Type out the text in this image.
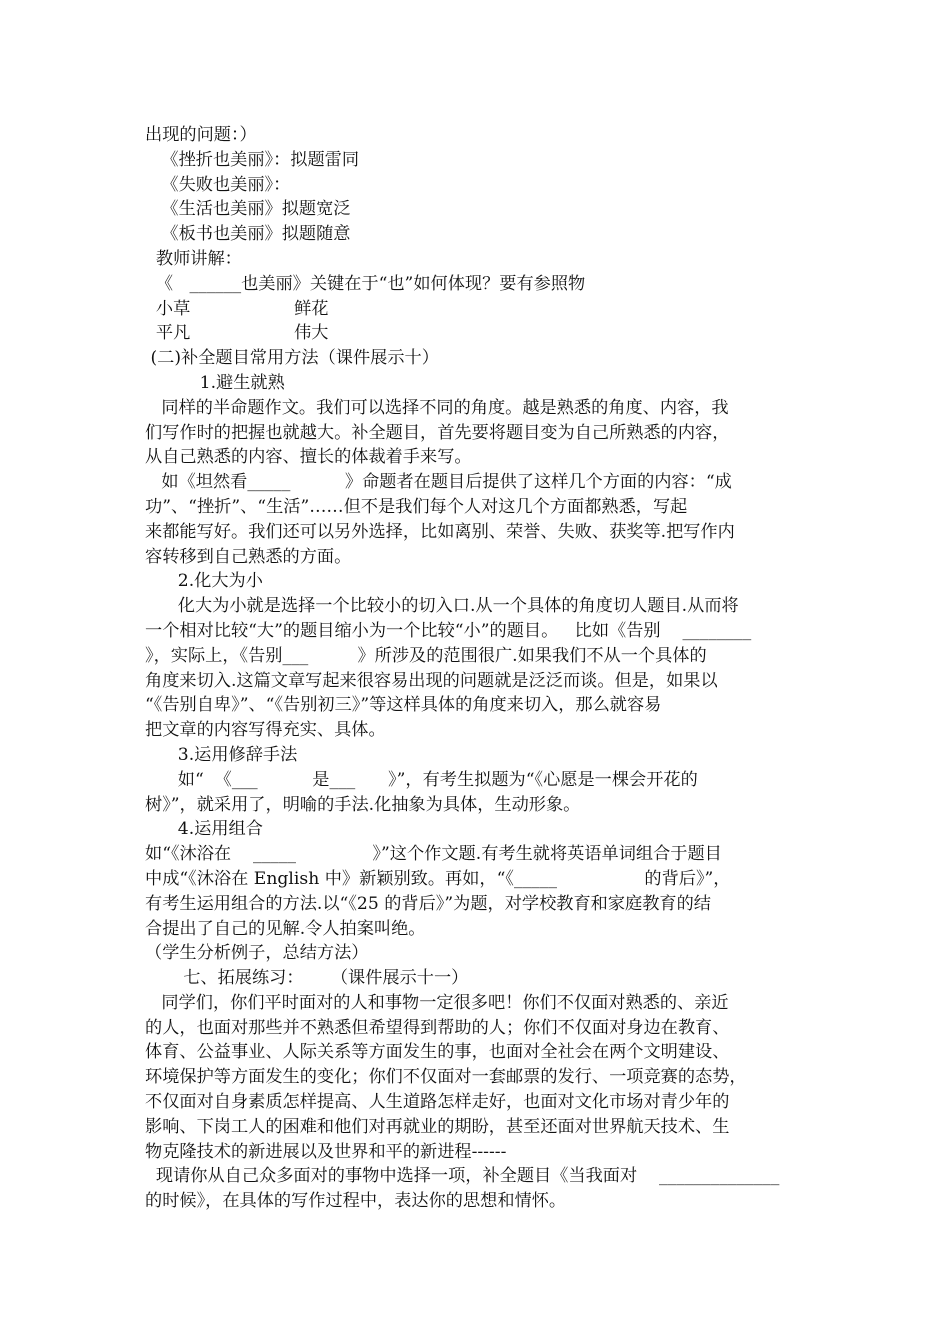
出现的问题：）
《挫折也美丽》：拟题雷同
《失败也美丽》：
《生活也美丽》拟题宽泛
《板书也美丽》拟题随意
教师讲解：
《   ______也美丽》关键在于“也”如何体现？要有参照物
小草                   鲜花
平凡                   伟大
(二)补全题目常用方法（课件展示十）
1.避生就熟
同样的半命题作文。我们可以选择不同的角度。越是熟悉的角度、内容，我
们写作时的把握也就越大。补全题目，首先要将题目变为自己所熟悉的内容，
从自己熟悉的内容、擅长的体裁着手来写。
如《坦然看_____          》命题者在题目后提供了这样几个方面的内容：“成
功”、“挫折”、“生活”……但不是我们每个人对这几个方面都熟悉，写起
来都能写好。我们还可以另外选择，比如离别、荣誉、失败、获奖等.把写作内
容转移到自己熟悉的方面。
2.化大为小
化大为小就是选择一个比较小的切入口.从一个具体的角度切人题目.从而将
一个相对比较“大”的题目缩小为一个比较“小”的题目。   比如《告别    ________
》，实际上，《告别___         》所涉及的范围很广.如果我们不从一个具体的
角度来切入.这篇文章写起来很容易出现的问题就是泛泛而谈。但是，如果以
“《告别自卑》”、“《告别初三》”等这样具体的角度来切入，那么就容易
把文章的内容写得充实、具体。
3.运用修辞手法
如“  《___          是___      》”，有考生拟题为“《心愿是一棵会开花的
树》”，就采用了，明喻的手法.化抽象为具体，生动形象。
4.运用组合
如“《沐浴在    _____              》”这个作文题.有考生就将英语单词组合于题目
中成“《沐浴在 English 中》新颖别致。再如，“《_____                的背后》”，
有考生运用组合的方法.以“《25 的背后》”为题，对学校教育和家庭教育的结
合提出了自己的见解.令人拍案叫绝。
（学生分析例子，总结方法）
七、拓展练习：     （课件展示十一）
同学们，你们平时面对的人和事物一定很多吧！你们不仅面对熟悉的、亲近
的人，也面对那些并不熟悉但希望得到帮助的人；你们不仅面对身边在教育、
体育、公益事业、人际关系等方面发生的事，也面对全社会在两个文明建设、
环境保护等方面发生的变化；你们不仅面对一套邮票的发行、一项竞赛的态势，
不仅面对自身素质怎样提高、人生道路怎样走好，也面对文化市场对青少年的
影响、下岗工人的困难和他们对再就业的期盼，甚至还面对世界航天技术、生
物克隆技术的新进展以及世界和平的新进程------
现请你从自己众多面对的事物中选择一项，补全题目《当我面对    ______________
的时候》，在具体的写作过程中，表达你的思想和情怀。
